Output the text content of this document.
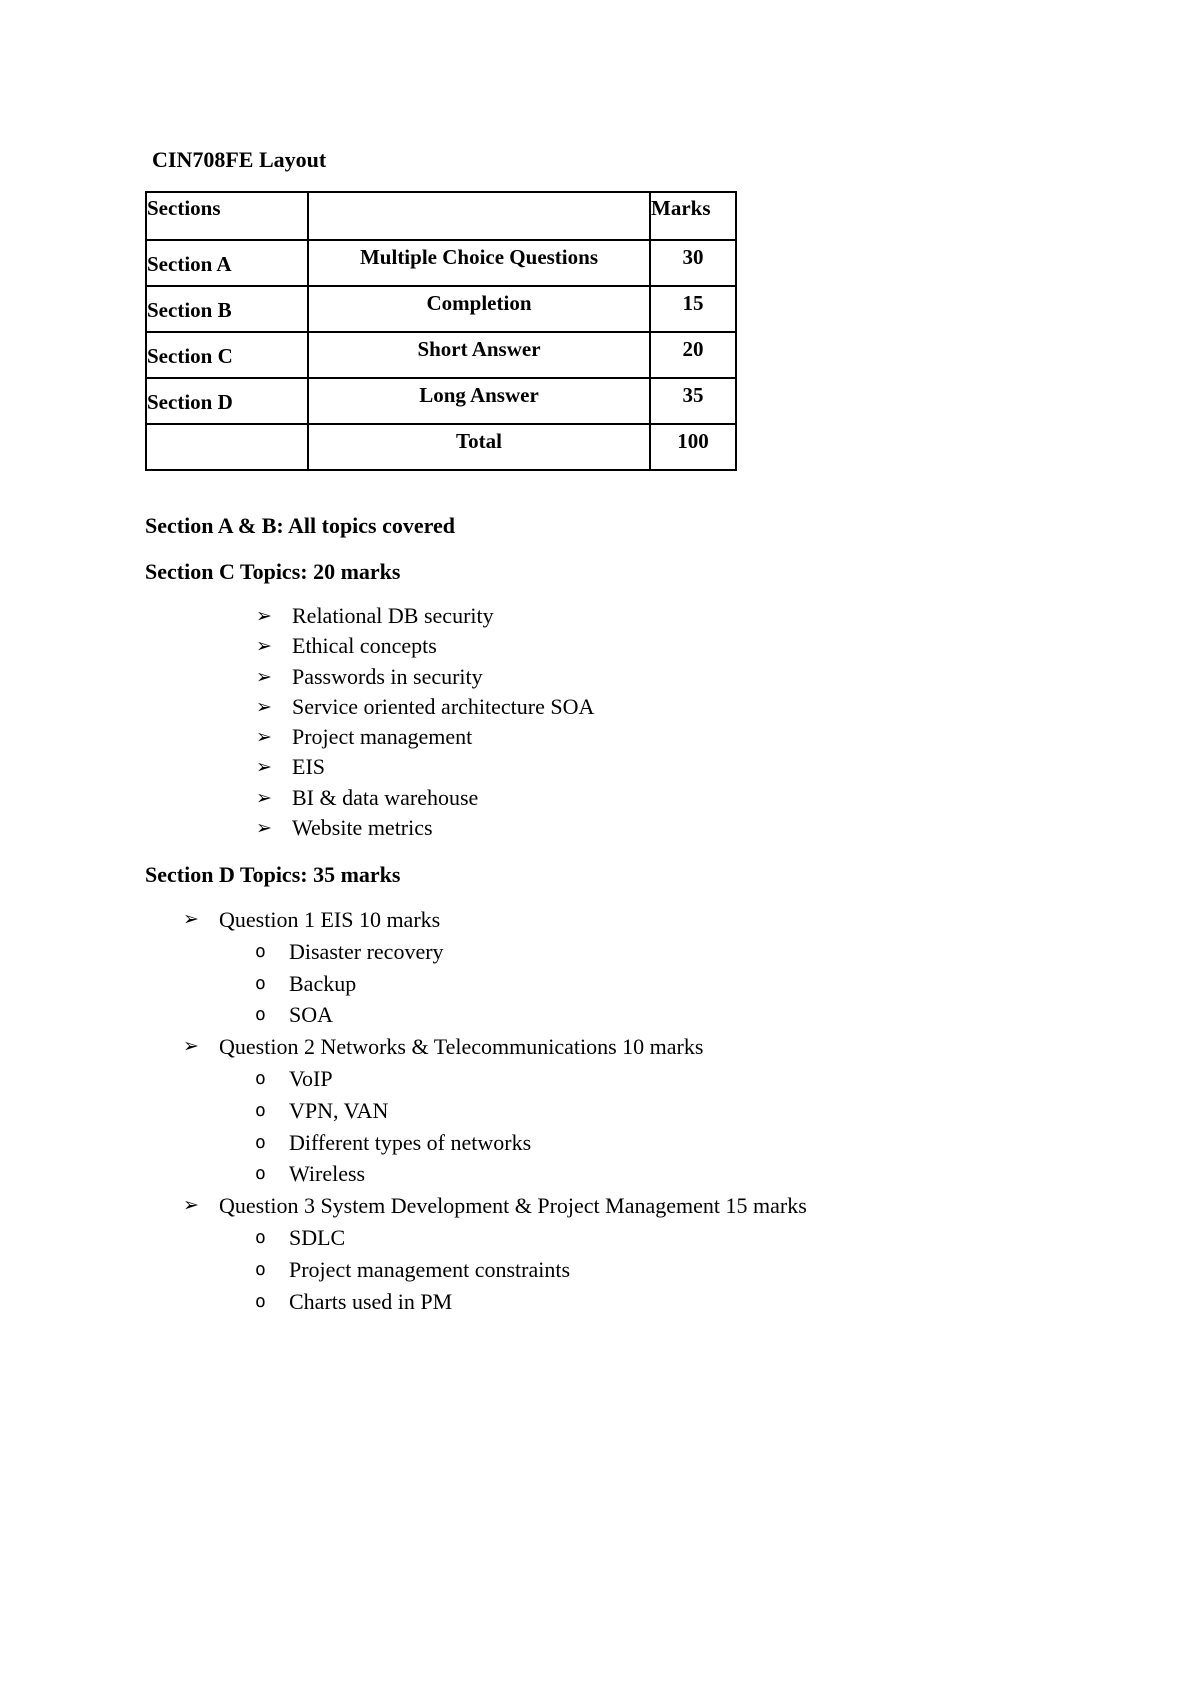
CIN708FE Layout
Sections		Marks
Section A	Multiple Choice Questions	30
Section B	Completion	15
Section C	Short Answer	20
Section D	Long Answer	35
	Total	100
Section A & B: All topics covered
Section C Topics: 20 marks
➢ Relational DB security
➢ Ethical concepts
➢ Passwords in security
➢ Service oriented architecture SOA
➢ Project management
➢ EIS
➢ BI & data warehouse
➢ Website metrics
Section D Topics: 35 marks
➢ Question 1 EIS 10 marks
o Disaster recovery
o Backup
o SOA
➢ Question 2 Networks & Telecommunications 10 marks
o VoIP
o VPN, VAN
o Different types of networks
o Wireless
➢ Question 3 System Development & Project Management 15 marks
o SDLC
o Project management constraints
o Charts used in PM
